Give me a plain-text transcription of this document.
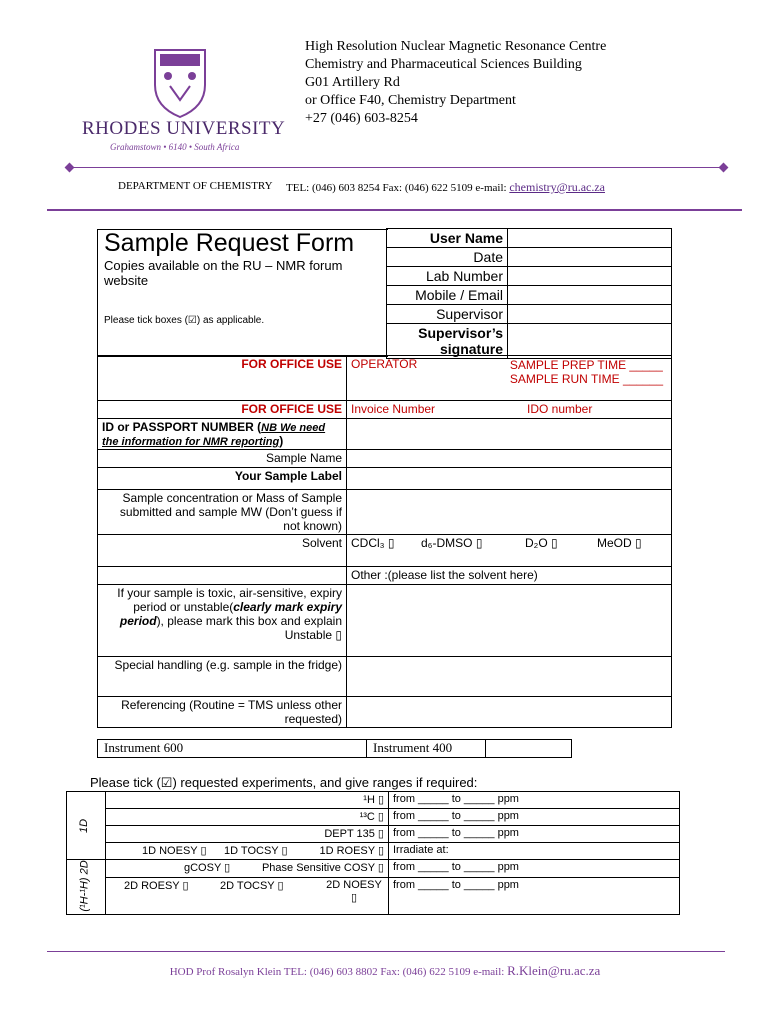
RHODES UNIVERSITY
Grahamstown • 6140 • South Africa
High Resolution Nuclear Magnetic Resonance Centre
Chemistry and Pharmaceutical Sciences Building
G01 Artillery Rd
or Office F40, Chemistry Department
+27 (046) 603-8254
DEPARTMENT OF CHEMISTRY TEL: (046) 603 8254 Fax: (046) 622 5109 e-mail: chemistry@ru.ac.za
Sample Request Form
Copies available on the RU – NMR forum website
Please tick boxes (☑) as applicable.
User Name	
Date	
Lab Number	
Mobile / Email	
Supervisor	
Supervisor’s signature	
FOR OFFICE USE	OPERATOR SAMPLE PREP TIME _____
SAMPLE RUN TIME ______

FOR OFFICE USE	Invoice Number IDO number

ID or PASSPORT NUMBER (NB We need the information for NMR reporting)	
Sample Name	
Your Sample Label	
Sample concentration or Mass of Sample submitted and sample MW (Don’t guess if not known)	
Solvent	CDCl₃ ▯ d₆-DMSO ▯ D₂O ▯ MeOD ▯

	Other :(please list the solvent here)
If your sample is toxic, air-sensitive, expiry period or unstable(clearly mark expiry period), please mark this box and explain
Unstable ▯	
Special handling (e.g. sample in the fridge)	
Referencing (Routine = TMS unless other requested)	
Instrument 600	Instrument 400
Please tick (☑) requested experiments, and give ranges if required:
1D	¹H ▯	from _____ to _____ ppm
	¹³C ▯	from _____ to _____ ppm
	DEPT 135 ▯	from _____ to _____ ppm

	1D NOESY ▯ 1D TOCSY ▯ 1D ROESY ▯	Irradiate at:

(¹H-¹H) 2D	gCOSY ▯ Phase Sensitive COSY ▯	from _____ to _____ ppm

	2D ROESY ▯ 2D TOCSY ▯ 2D NOESY ▯	from _____ to _____ ppm
HOD Prof Rosalyn Klein TEL: (046) 603 8802 Fax: (046) 622 5109 e-mail: R.Klein@ru.ac.za
